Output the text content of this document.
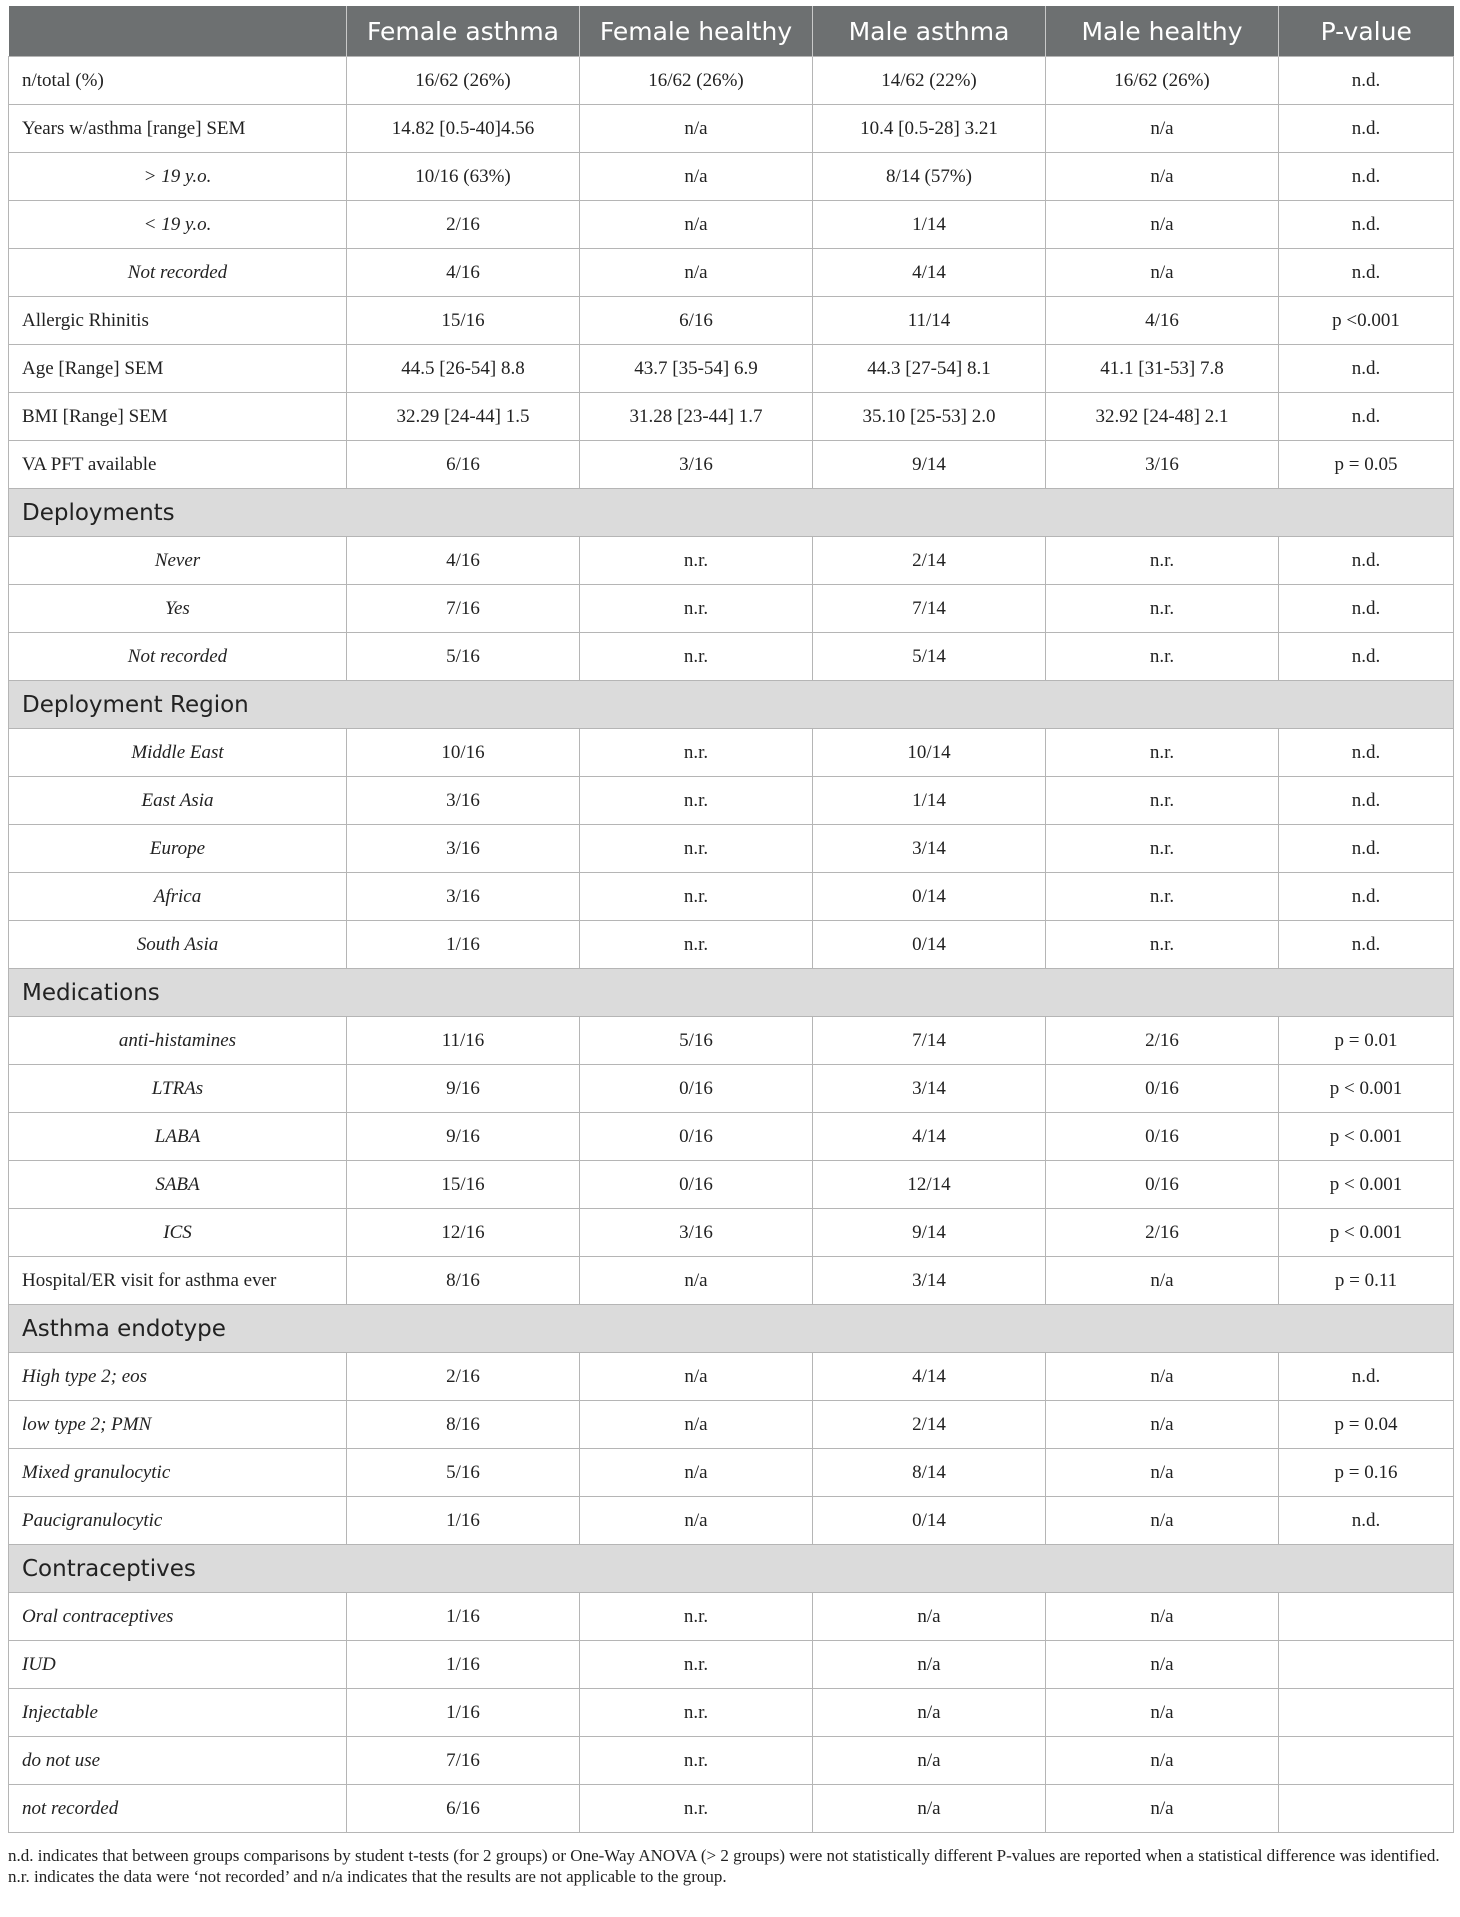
	Female asthma	Female healthy	Male asthma	Male healthy	P-value
n/total (%)	16/62 (26%)	16/62 (26%)	14/62 (22%)	16/62 (26%)	n.d.
Years w/asthma [range] SEM	14.82 [0.5-40]4.56	n/a	10.4 [0.5-28] 3.21	n/a	n.d.
> 19 y.o.	10/16 (63%)	n/a	8/14 (57%)	n/a	n.d.
< 19 y.o.	2/16	n/a	1/14	n/a	n.d.
Not recorded	4/16	n/a	4/14	n/a	n.d.
Allergic Rhinitis	15/16	6/16	11/14	4/16	p <0.001
Age [Range] SEM	44.5 [26-54] 8.8	43.7 [35-54] 6.9	44.3 [27-54] 8.1	41.1 [31-53] 7.8	n.d.
BMI [Range] SEM	32.29 [24-44] 1.5	31.28 [23-44] 1.7	35.10 [25-53] 2.0	32.92 [24-48] 2.1	n.d.
VA PFT available	6/16	3/16	9/14	3/16	p = 0.05
Deployments					
Never	4/16	n.r.	2/14	n.r.	n.d.
Yes	7/16	n.r.	7/14	n.r.	n.d.
Not recorded	5/16	n.r.	5/14	n.r.	n.d.
Deployment Region					
Middle East	10/16	n.r.	10/14	n.r.	n.d.
East Asia	3/16	n.r.	1/14	n.r.	n.d.
Europe	3/16	n.r.	3/14	n.r.	n.d.
Africa	3/16	n.r.	0/14	n.r.	n.d.
South Asia	1/16	n.r.	0/14	n.r.	n.d.
Medications					
anti-histamines	11/16	5/16	7/14	2/16	p = 0.01
LTRAs	9/16	0/16	3/14	0/16	p < 0.001
LABA	9/16	0/16	4/14	0/16	p < 0.001
SABA	15/16	0/16	12/14	0/16	p < 0.001
ICS	12/16	3/16	9/14	2/16	p < 0.001
Hospital/ER visit for asthma ever	8/16	n/a	3/14	n/a	p = 0.11
Asthma endotype					
High type 2; eos	2/16	n/a	4/14	n/a	n.d.
low type 2; PMN	8/16	n/a	2/14	n/a	p = 0.04
Mixed granulocytic	5/16	n/a	8/14	n/a	p = 0.16
Paucigranulocytic	1/16	n/a	0/14	n/a	n.d.
Contraceptives					
Oral contraceptives	1/16	n.r.	n/a	n/a	
IUD	1/16	n.r.	n/a	n/a	
Injectable	1/16	n.r.	n/a	n/a	
do not use	7/16	n.r.	n/a	n/a	
not recorded	6/16	n.r.	n/a	n/a	
n.d. indicates that between groups comparisons by student t-tests (for 2 groups) or One-Way ANOVA (> 2 groups) were not statistically different P-values are reported when a statistical difference was identified. n.r. indicates the data were ‘not recorded’ and n/a indicates that the results are not applicable to the group.
